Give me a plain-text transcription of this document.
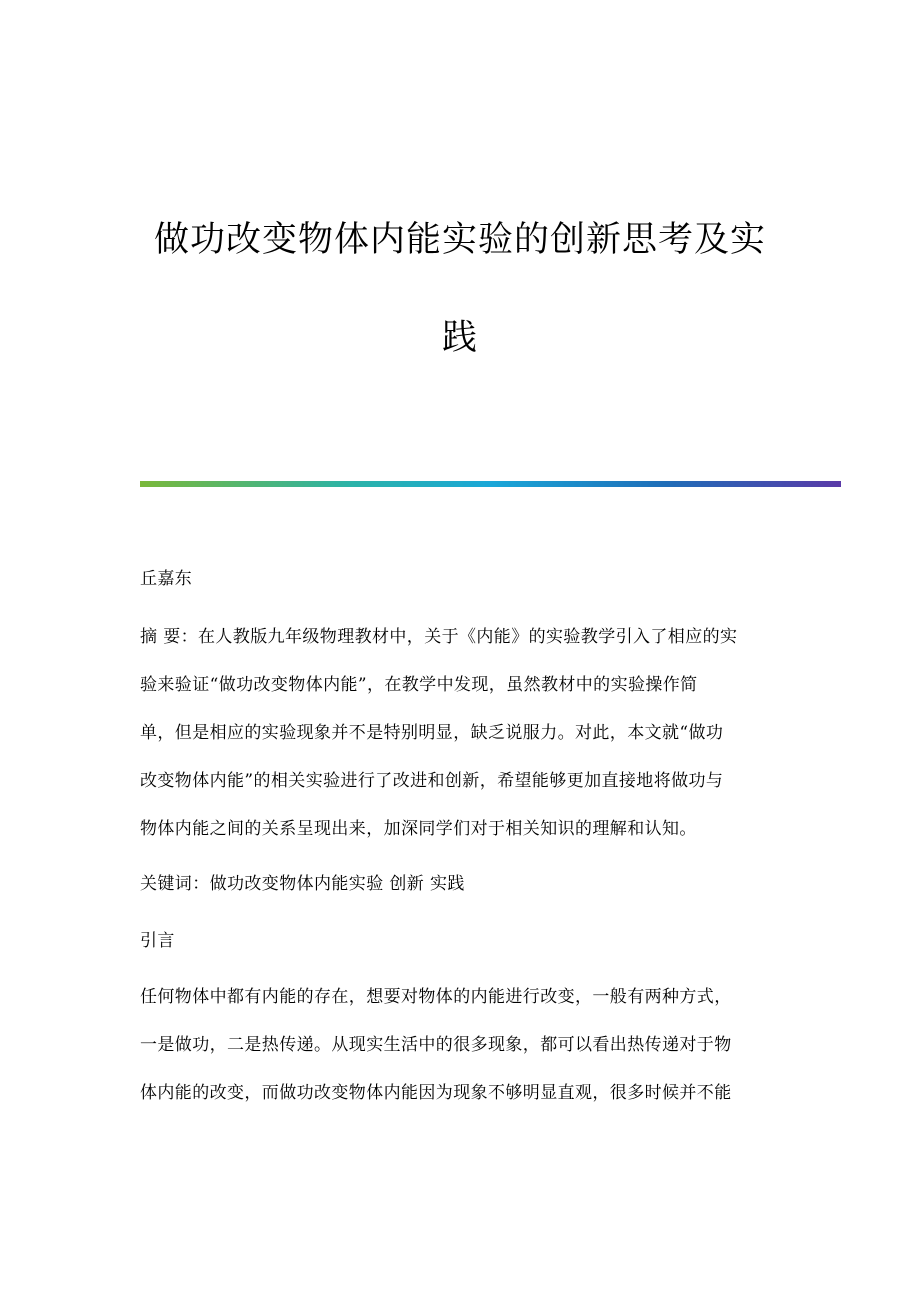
做功改变物体内能实验的创新思考及实
践
丘嘉东
摘 要：在人教版九年级物理教材中，关于《内能》的实验教学引入了相应的实
验来验证“做功改变物体内能”，在教学中发现，虽然教材中的实验操作简
单，但是相应的实验现象并不是特别明显，缺乏说服力。对此，本文就“做功
改变物体内能”的相关实验进行了改进和创新，希望能够更加直接地将做功与
物体内能之间的关系呈现出来，加深同学们对于相关知识的理解和认知。
关键词：做功改变物体内能实验 创新 实践
引言
任何物体中都有内能的存在，想要对物体的内能进行改变，一般有两种方式，
一是做功，二是热传递。从现实生活中的很多现象，都可以看出热传递对于物
体内能的改变，而做功改变物体内能因为现象不够明显直观，很多时候并不能
